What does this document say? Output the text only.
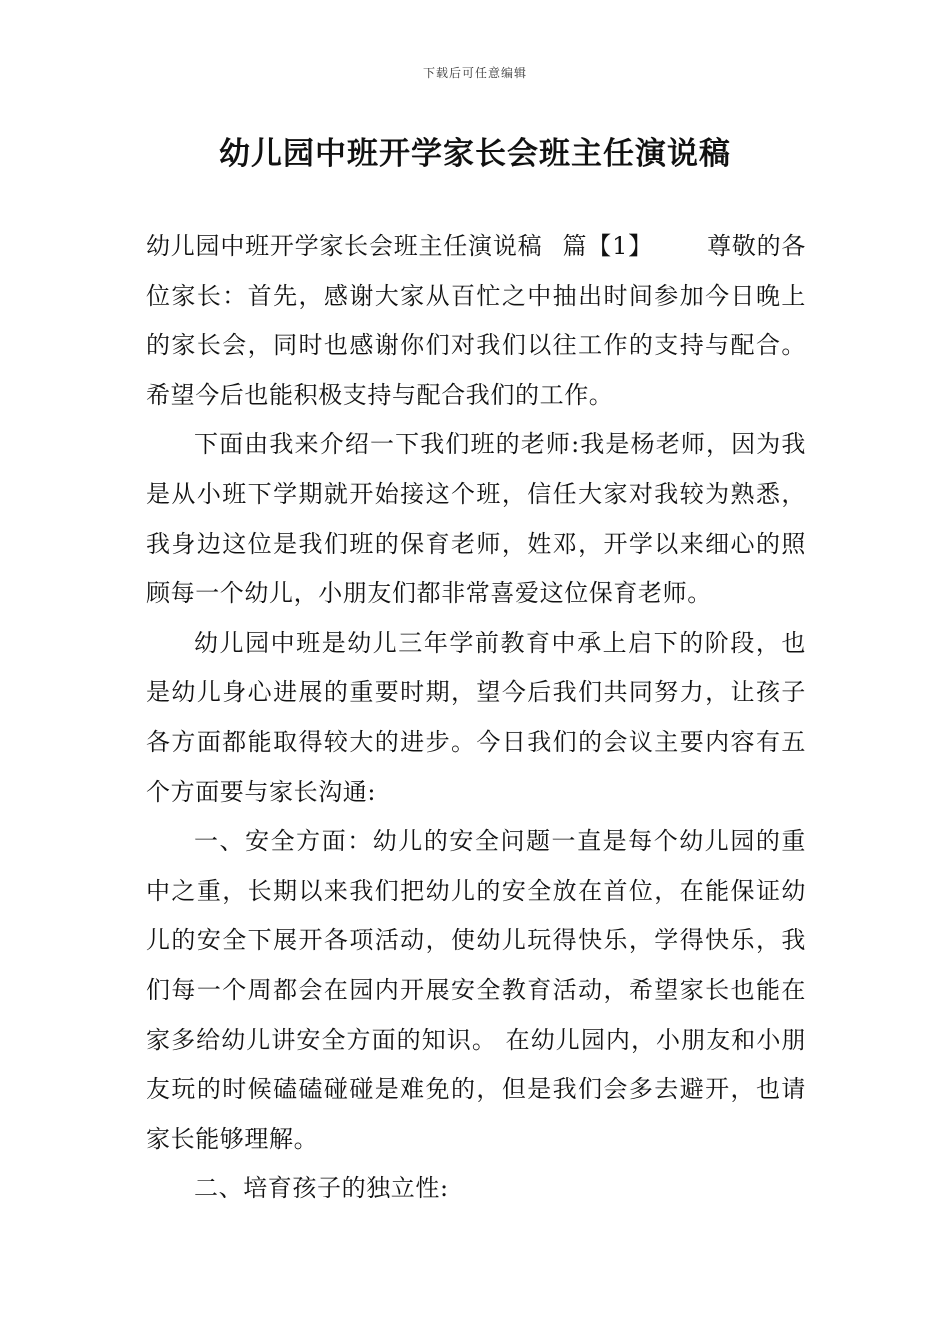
下载后可任意编辑
幼儿园中班开学家长会班主任演说稿

幼儿园中班开学家长会班主任演说稿 篇【1】 尊敬的各位家长：首先，感谢大家从百忙之中抽出时间参加今日晚上的家长会，同时也感谢你们对我们以往工作的支持与配合。希望今后也能积极支持与配合我们的工作。

下面由我来介绍一下我们班的老师:我是杨老师，因为我是从小班下学期就开始接这个班，信任大家对我较为熟悉，我身边这位是我们班的保育老师，姓邓，开学以来细心的照顾每一个幼儿，小朋友们都非常喜爱这位保育老师。

幼儿园中班是幼儿三年学前教育中承上启下的阶段，也是幼儿身心进展的重要时期，望今后我们共同努力，让孩子各方面都能取得较大的进步。今日我们的会议主要内容有五个方面要与家长沟通:

一、安全方面：幼儿的安全问题一直是每个幼儿园的重中之重，长期以来我们把幼儿的安全放在首位，在能保证幼儿的安全下展开各项活动，使幼儿玩得快乐，学得快乐，我们每一个周都会在园内开展安全教育活动，希望家长也能在家多给幼儿讲安全方面的知识。 在幼儿园内，小朋友和小朋友玩的时候磕磕碰碰是难免的，但是我们会多去避开，也请家长能够理解。

二、培育孩子的独立性:
